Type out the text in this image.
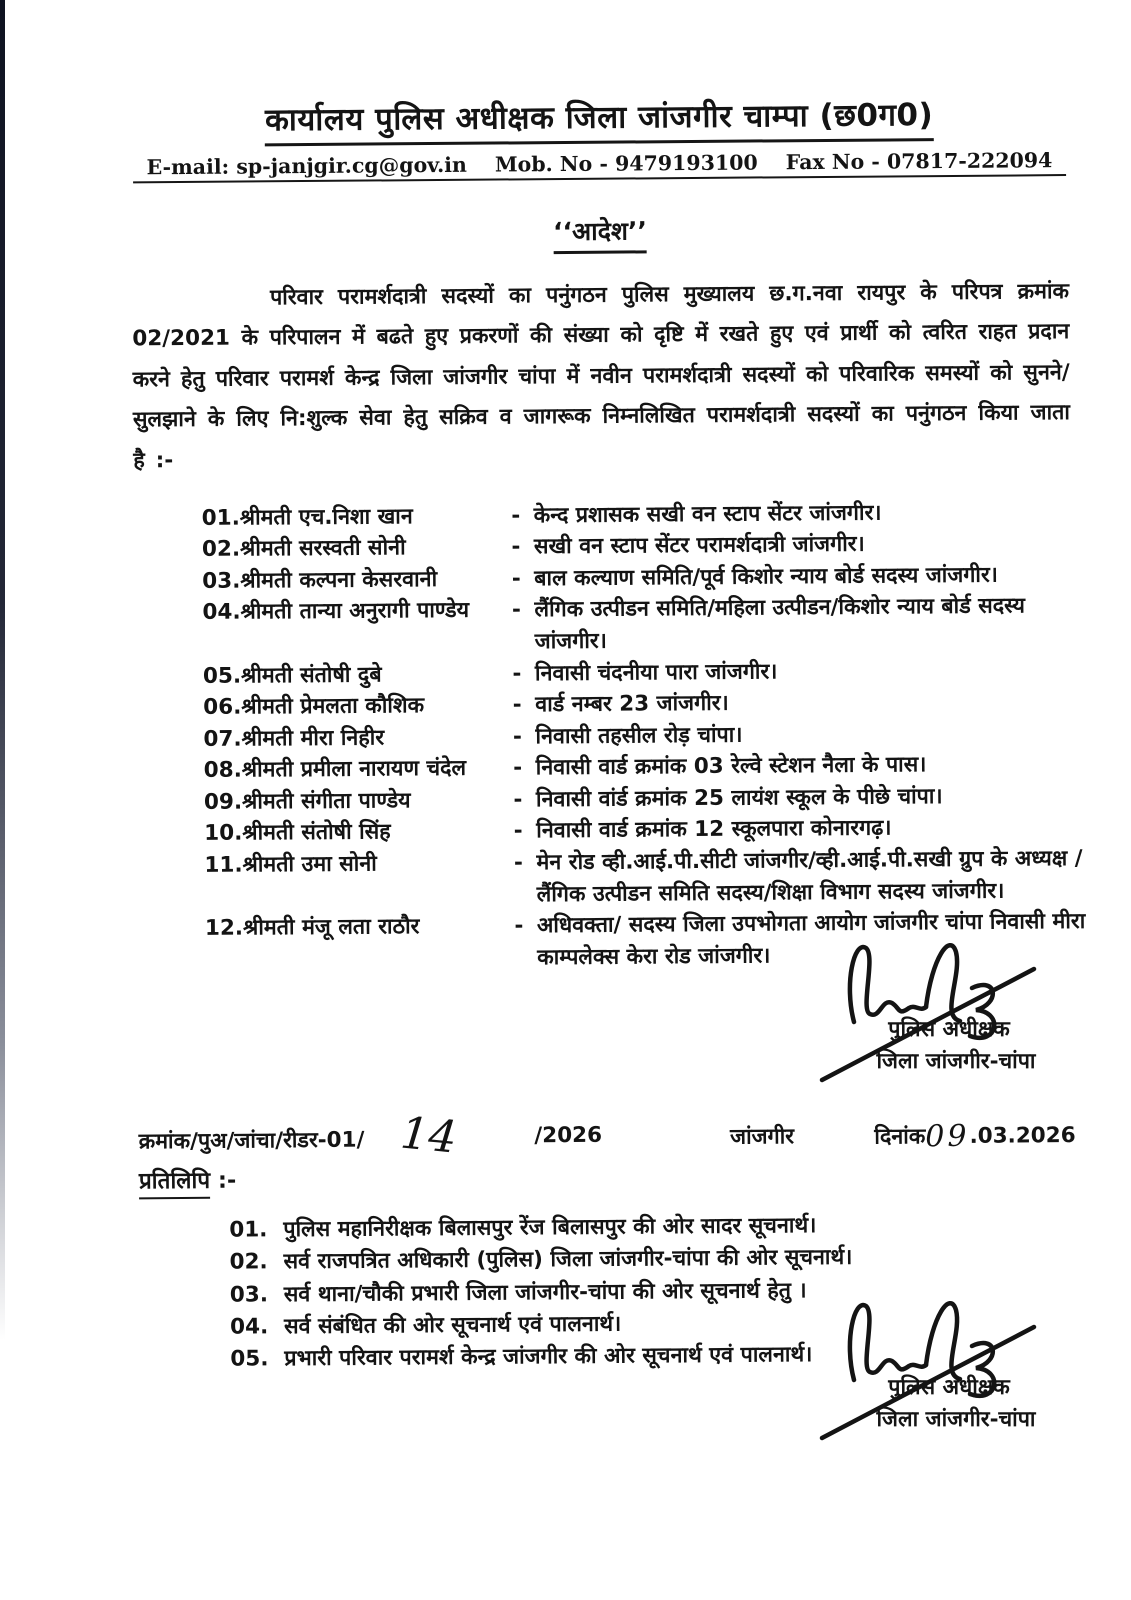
कार्यालय पुलिस अधीक्षक जिला जांजगीर चाम्पा (छ0ग0)
E-mail: sp-janjgir.cg@gov.in Mob. No - 9479193100 Fax No - 07817-222094
‘‘आदेश’’

परिवार परामर्शदात्री सदस्यों का पनुंगठन पुलिस मुख्यालय छ.ग.नवा रायपुर के परिपत्र क्रमांक 02/2021 के परिपालन में बढते हुए प्रकरणों की संख्या को दृष्टि में रखते हुए एवं प्रार्थी को त्वरित राहत प्रदान करने हेतु परिवार परामर्श केन्द्र जिला जांजगीर चांपा में नवीन परामर्शदात्री सदस्यों को परिवारिक समस्यों को सुनने/सुलझाने के लिए नि:शुल्क सेवा हेतु सक्रिव व जागरूक निम्नलिखित परामर्शदात्री सदस्यों का पनुंगठन किया जाता है :-

01.श्रीमती एच.निशा खान	- केन्द प्रशासक सखी वन स्टाप सेंटर जांजगीर।
02.श्रीमती सरस्वती सोनी	- सखी वन स्टाप सेंटर परामर्शदात्री जांजगीर।
03.श्रीमती कल्पना केसरवानी	- बाल कल्याण समिति/पूर्व किशोर न्याय बोर्ड सदस्य जांजगीर।
04.श्रीमती तान्या अनुरागी पाण्डेय	- लैंगिक उत्पीडन समिति/महिला उत्पीडन/किशोर न्याय बोर्ड सदस्य जांजगीर।
05.श्रीमती संतोषी दुबे	- निवासी चंदनीया पारा जांजगीर।
06.श्रीमती प्रेमलता कौशिक	- वार्ड नम्बर 23 जांजगीर।
07.श्रीमती मीरा निहीर	- निवासी तहसील रोड़ चांपा।
08.श्रीमती प्रमीला नारायण चंदेल	- निवासी वार्ड क्रमांक 03 रेल्वे स्टेशन नैला के पास।
09.श्रीमती संगीता पाण्डेय	- निवासी वांर्ड क्रमांक 25 लायंश स्कूल के पीछे चांपा।
10.श्रीमती संतोषी सिंह	- निवासी वार्ड क्रमांक 12 स्कूलपारा कोनारगढ़।
11.श्रीमती उमा सोनी	- मेन रोड व्ही.आई.पी.सीटी जांजगीर/व्ही.आई.पी.सखी ग्रुप के अध्यक्ष /लैंगिक उत्पीडन समिति सदस्य/शिक्षा विभाग सदस्य जांजगीर।
12.श्रीमती मंजू लता राठौर	- अधिवक्ता/ सदस्य जिला उपभोगता आयोग जांजगीर चांपा निवासी मीरा काम्पलेक्स केरा रोड जांजगीर।
क्रमांक/पुअ/जांचा/रीडर-01/ 14	/2026	जांजगीर	दिनांक09.03.2026
प्रतिलिपि :-
01. पुलिस महानिरीक्षक बिलासपुर रेंज बिलासपुर की ओर सादर सूचनार्थ।
02. सर्व राजपत्रित अधिकारी (पुलिस) जिला जांजगीर-चांपा की ओर सूचनार्थ।
03. सर्व थाना/चौकी प्रभारी जिला जांजगीर-चांपा की ओर सूचनार्थ हेतु ।
04. सर्व संबंधित की ओर सूचनार्थ एवं पालनार्थ।
05. प्रभारी परिवार परामर्श केन्द्र जांजगीर की ओर सूचनार्थ एवं पालनार्थ।
पुलिस अधीक्षक
जिला जांजगीर-चांपा
पुलिस अधीक्षक
जिला जांजगीर-चांपा
